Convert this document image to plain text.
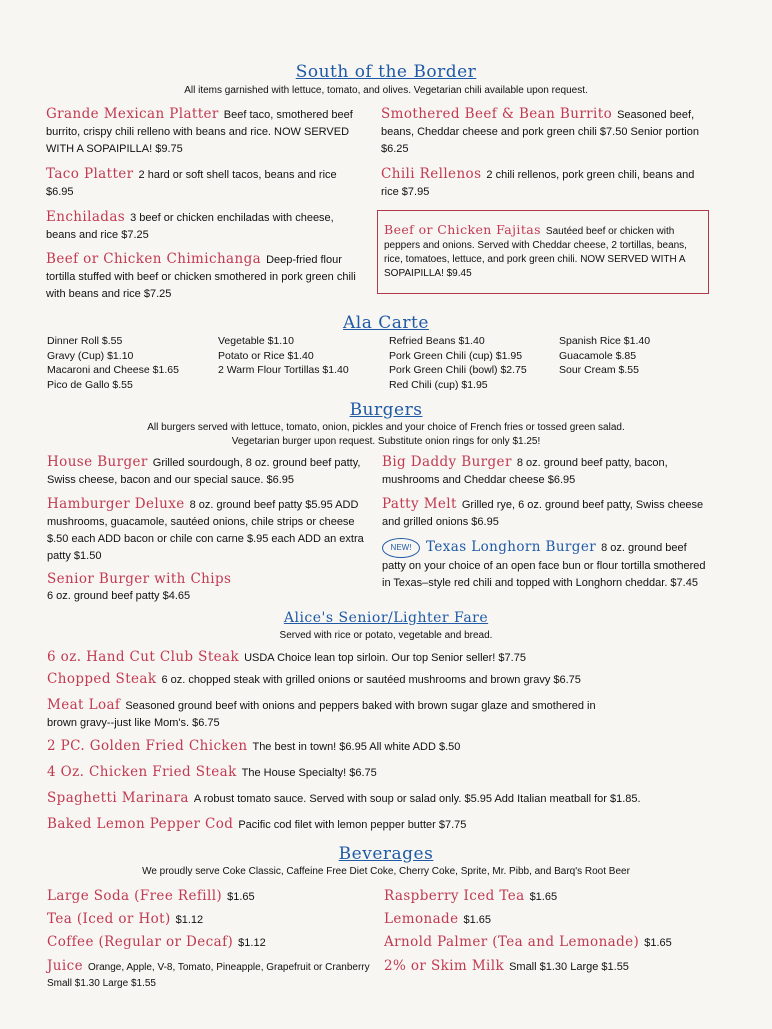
South of the Border
All items garnished with lettuce, tomato, and olives. Vegetarian chili available upon request.
Grande Mexican Platter Beef taco, smothered beef burrito, crispy chili relleno with beans and rice. NOW SERVED WITH A SOPAIPILLA! $9.75
Taco Platter 2 hard or soft shell tacos, beans and rice $6.95
Enchiladas 3 beef or chicken enchiladas with cheese, beans and rice $7.25
Beef or Chicken Chimichanga Deep-fried flour tortilla stuffed with beef or chicken smothered in pork green chili with beans and rice $7.25
Smothered Beef & Bean Burrito Seasoned beef, beans, Cheddar cheese and pork green chili $7.50 Senior portion $6.25
Chili Rellenos 2 chili rellenos, pork green chili, beans and rice $7.95
Beef or Chicken Fajitas Sautéed beef or chicken with peppers and onions. Served with Cheddar cheese, 2 tortillas, beans, rice, tomatoes, lettuce, and pork green chili. NOW SERVED WITH A SOPAIPILLA! $9.45
Ala Carte
Dinner Roll $.55
Gravy (Cup) $1.10
Macaroni and Cheese $1.65
Pico de Gallo $.55
Vegetable $1.10
Potato or Rice $1.40
2 Warm Flour Tortillas $1.40
Refried Beans $1.40
Pork Green Chili (cup) $1.95
Pork Green Chili (bowl) $2.75
Red Chili (cup) $1.95
Spanish Rice $1.40
Guacamole $.85
Sour Cream $.55
Burgers
All burgers served with lettuce, tomato, onion, pickles and your choice of French fries or tossed green salad.
Vegetarian burger upon request. Substitute onion rings for only $1.25!
House Burger Grilled sourdough, 8 oz. ground beef patty, Swiss cheese, bacon and our special sauce. $6.95
Hamburger Deluxe 8 oz. ground beef patty $5.95 ADD mushrooms, guacamole, sautéed onions, chile strips or cheese $.50 each ADD bacon or chile con carne $.95 each ADD an extra patty $1.50
Senior Burger with Chips
6 oz. ground beef patty $4.65
Big Daddy Burger 8 oz. ground beef patty, bacon, mushrooms and Cheddar cheese $6.95
Patty Melt Grilled rye, 6 oz. ground beef patty, Swiss cheese and grilled onions $6.95
NEW! Texas Longhorn Burger 8 oz. ground beef patty on your choice of an open face bun or flour tortilla smothered in Texas–style red chili and topped with Longhorn cheddar. $7.45
Alice's Senior/Lighter Fare
Served with rice or potato, vegetable and bread.
6 oz. Hand Cut Club Steak USDA Choice lean top sirloin. Our top Senior seller! $7.75
Chopped Steak 6 oz. chopped steak with grilled onions or sautéed mushrooms and brown gravy $6.75
Meat Loaf Seasoned ground beef with onions and peppers baked with brown sugar glaze and smothered in brown gravy--just like Mom's. $6.75
2 PC. Golden Fried Chicken The best in town! $6.95 All white ADD $.50
4 Oz. Chicken Fried Steak The House Specialty! $6.75
Spaghetti Marinara A robust tomato sauce. Served with soup or salad only. $5.95 Add Italian meatball for $1.85.
Baked Lemon Pepper Cod Pacific cod filet with lemon pepper butter $7.75
Beverages
We proudly serve Coke Classic, Caffeine Free Diet Coke, Cherry Coke, Sprite, Mr. Pibb, and Barq's Root Beer
Large Soda (Free Refill) $1.65
Tea (Iced or Hot) $1.12
Coffee (Regular or Decaf) $1.12
Juice Orange, Apple, V-8, Tomato, Pineapple, Grapefruit or Cranberry Small $1.30 Large $1.55
Raspberry Iced Tea $1.65
Lemonade $1.65
Arnold Palmer (Tea and Lemonade) $1.65
2% or Skim Milk Small $1.30 Large $1.55
